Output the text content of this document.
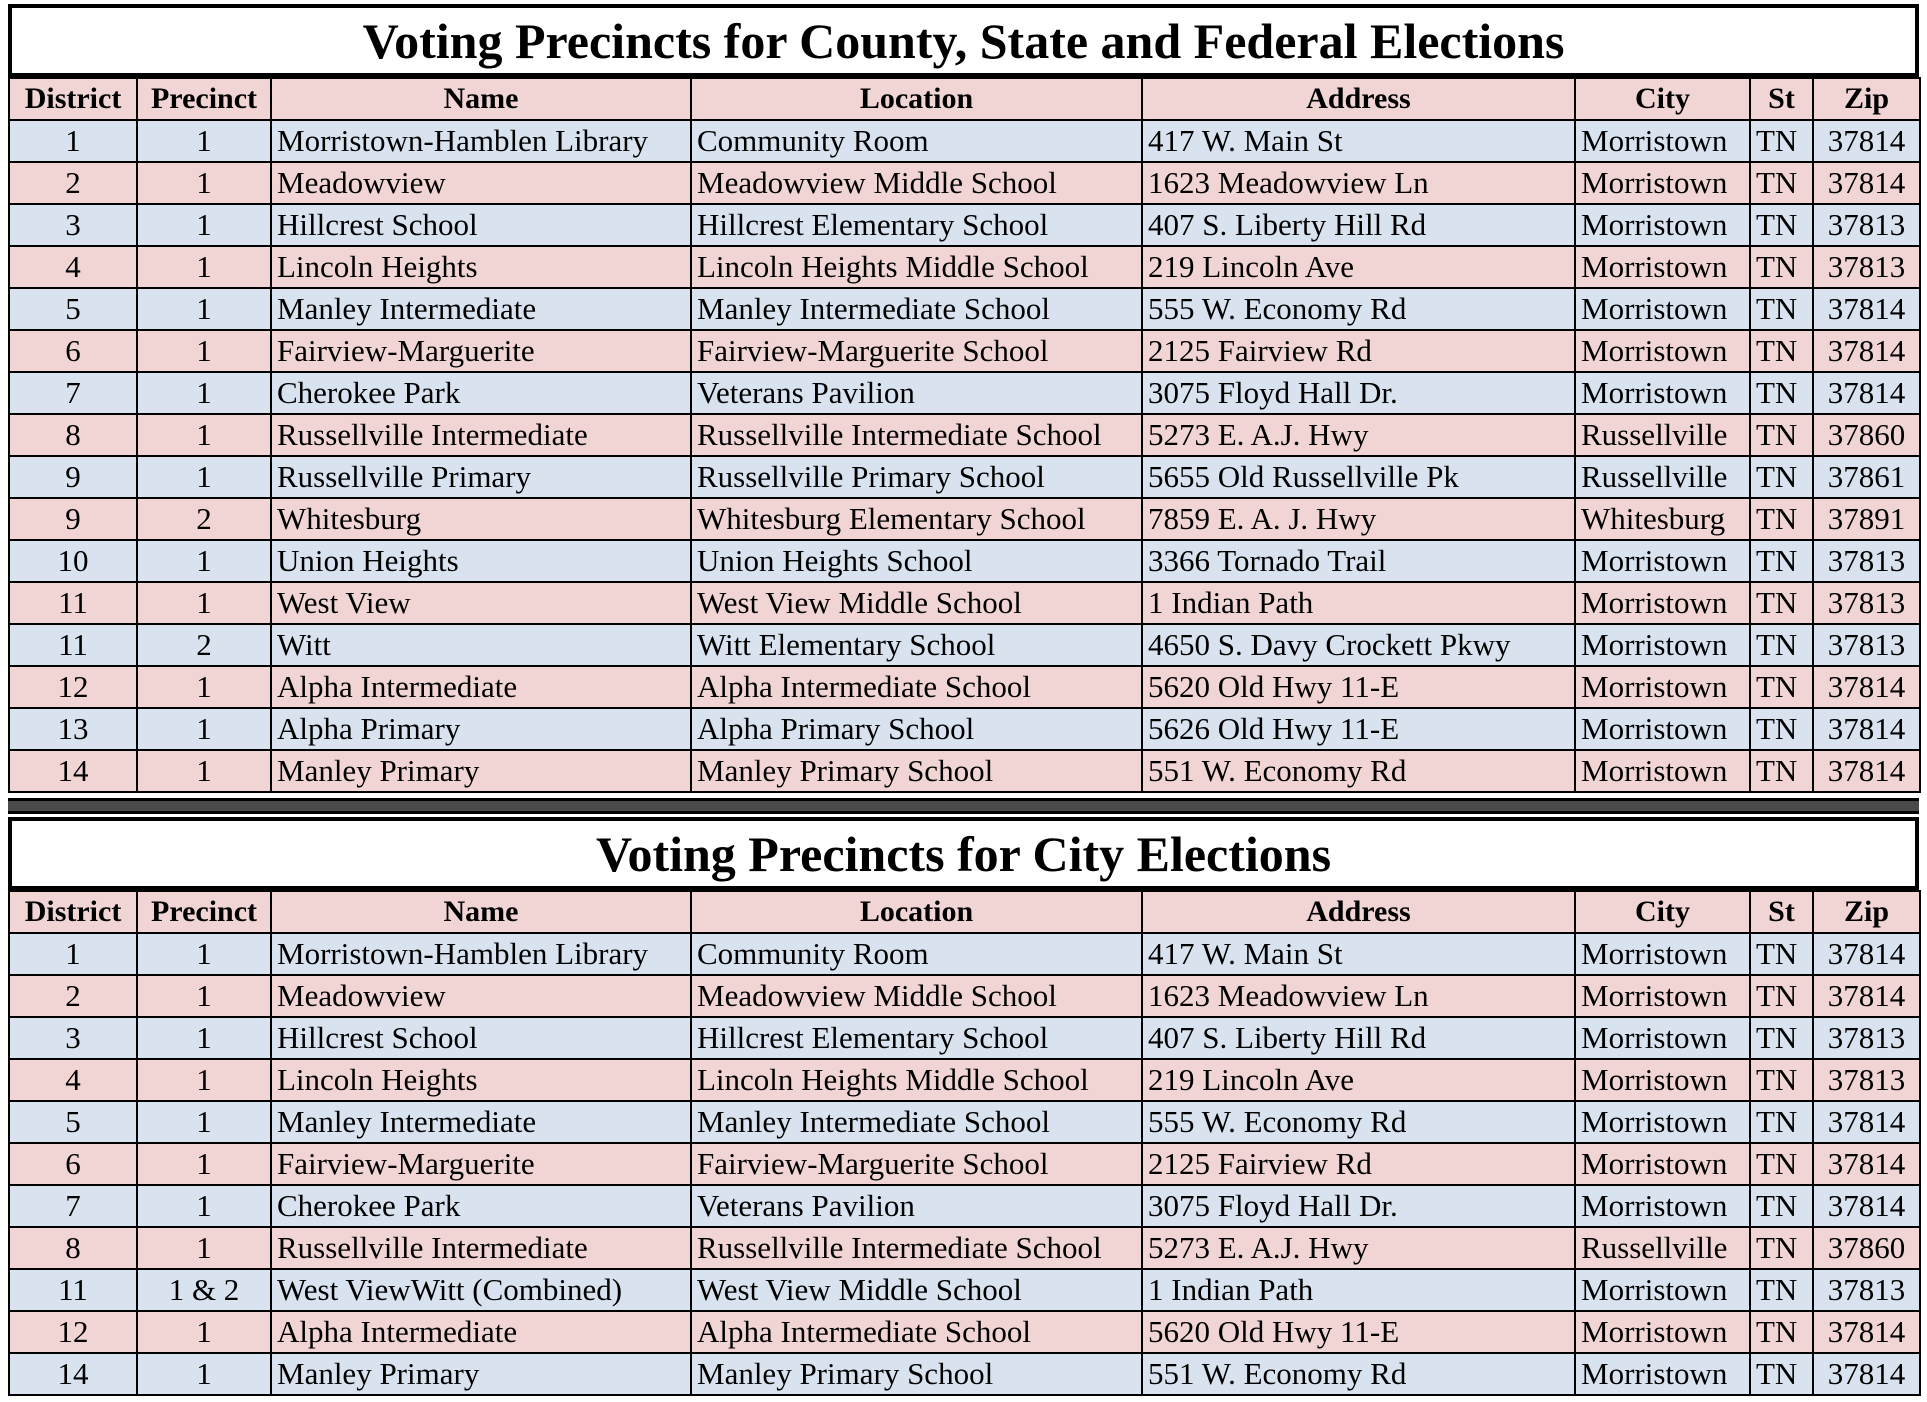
Voting Precincts for County, State and Federal Elections
District	Precinct	Name	Location	Address	City	St	Zip
1	1	Morristown-Hamblen Library	Community Room	417 W. Main St	Morristown	TN	37814
2	1	Meadowview	Meadowview Middle School	1623 Meadowview Ln	Morristown	TN	37814
3	1	Hillcrest School	Hillcrest Elementary School	407 S. Liberty Hill Rd	Morristown	TN	37813
4	1	Lincoln Heights	Lincoln Heights Middle School	219 Lincoln Ave	Morristown	TN	37813
5	1	Manley Intermediate	Manley Intermediate School	555 W. Economy Rd	Morristown	TN	37814
6	1	Fairview-Marguerite	Fairview-Marguerite School	2125 Fairview Rd	Morristown	TN	37814
7	1	Cherokee Park	Veterans Pavilion	3075 Floyd Hall Dr.	Morristown	TN	37814
8	1	Russellville Intermediate	Russellville Intermediate School	5273 E. A.J. Hwy	Russellville	TN	37860
9	1	Russellville Primary	Russellville Primary School	5655 Old Russellville Pk	Russellville	TN	37861
9	2	Whitesburg	Whitesburg Elementary School	7859 E. A. J. Hwy	Whitesburg	TN	37891
10	1	Union Heights	Union Heights School	3366 Tornado Trail	Morristown	TN	37813
11	1	West View	West View Middle School	1 Indian Path	Morristown	TN	37813
11	2	Witt	Witt Elementary School	4650 S. Davy Crockett Pkwy	Morristown	TN	37813
12	1	Alpha Intermediate	Alpha Intermediate School	5620 Old Hwy 11-E	Morristown	TN	37814
13	1	Alpha Primary	Alpha Primary School	5626 Old Hwy 11-E	Morristown	TN	37814
14	1	Manley Primary	Manley Primary School	551 W. Economy Rd	Morristown	TN	37814
Voting Precincts for City Elections
District	Precinct	Name	Location	Address	City	St	Zip
1	1	Morristown-Hamblen Library	Community Room	417 W. Main St	Morristown	TN	37814
2	1	Meadowview	Meadowview Middle School	1623 Meadowview Ln	Morristown	TN	37814
3	1	Hillcrest School	Hillcrest Elementary School	407 S. Liberty Hill Rd	Morristown	TN	37813
4	1	Lincoln Heights	Lincoln Heights Middle School	219 Lincoln Ave	Morristown	TN	37813
5	1	Manley Intermediate	Manley Intermediate School	555 W. Economy Rd	Morristown	TN	37814
6	1	Fairview-Marguerite	Fairview-Marguerite School	2125 Fairview Rd	Morristown	TN	37814
7	1	Cherokee Park	Veterans Pavilion	3075 Floyd Hall Dr.	Morristown	TN	37814
8	1	Russellville Intermediate	Russellville Intermediate School	5273 E. A.J. Hwy	Russellville	TN	37860
11	1 & 2	West ViewWitt (Combined)	West View Middle School	1 Indian Path	Morristown	TN	37813
12	1	Alpha Intermediate	Alpha Intermediate School	5620 Old Hwy 11-E	Morristown	TN	37814
14	1	Manley Primary	Manley Primary School	551 W. Economy Rd	Morristown	TN	37814
